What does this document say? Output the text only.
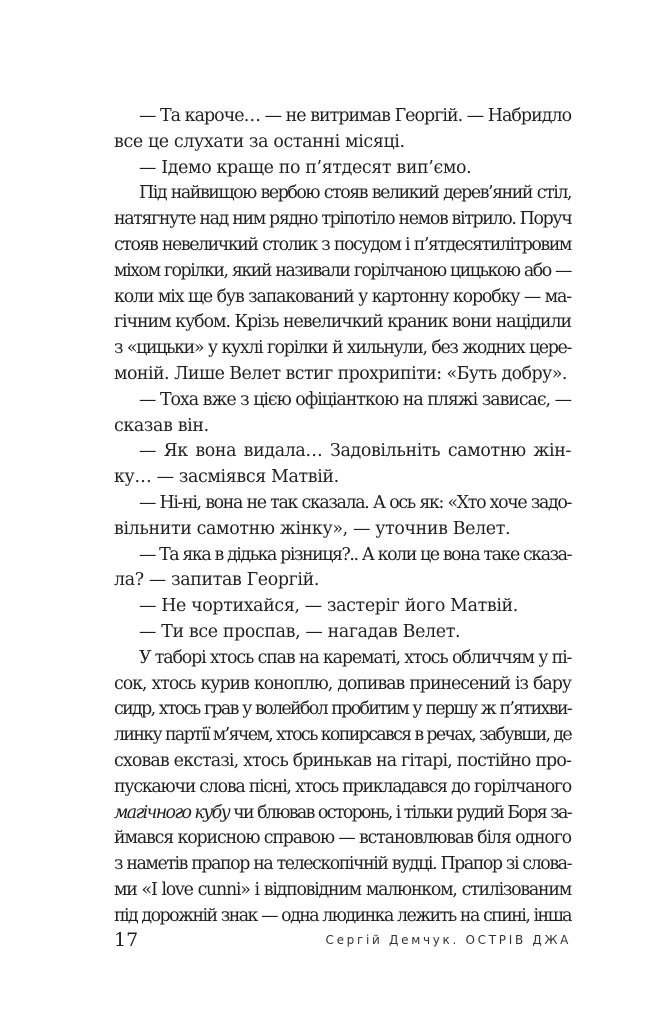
— Та кароче… — не витримав Георгій. — Набридло
все це слухати за останні місяці.
— Ідемо краще по п’ятдесят вип’ємо.
Під найвищою вербою стояв великий дерев’яний стіл,
натягнуте над ним рядно тріпотіло немов вітрило. Поруч
стояв невеличкий столик з посудом і п’ятдесятилітровим
міхом горілки, який називали горілчаною цицькою або —
коли міх ще був запакований у картонну коробку — ма-
гічним кубом. Крізь невеличкий краник вони націдили
з «цицьки» у кухлі горілки й хильнули, без жодних цере-
моній. Лише Велет встиг прохрипіти: «Буть добру».
— Тоха вже з цією офіціанткою на пляжі зависає, —
сказав він.
— Як вона видала… Задовільніть самотню жін-
ку… — засміявся Матвій.
— Ні-ні, вона не так сказала. А ось як: «Хто хоче задо-
вільнити самотню жінку», — уточнив Велет.
— Та яка в дідька різниця?.. А коли це вона таке сказа-
ла? — запитав Георгій.
— Не чортихайся, — застеріг його Матвій.
— Ти все проспав, — нагадав Велет.
У таборі хтось спав на карематі, хтось обличчям у пі-
сок, хтось курив коноплю, допивав принесений із бару
сидр, хтось грав у волейбол пробитим у першу ж п’ятихви-
линку партії м’ячем, хтось копирсався в речах, забувши, де
сховав екстазі, хтось бринькав на гітарі, постійно про-
пускаючи слова пісні, хтось прикладався до горілчаного
магічного кубу чи блював осторонь, і тільки рудий Боря за-
ймався корисною справою — встановлював біля одного
з наметів прапор на телескопічній вудці. Прапор зі слова-
ми «I love cunni» і відповідним малюнком, стилізованим
під дорожній знак — одна людинка лежить на спині, інша
17	Сергій Демчук. ОСТРІВ ДЖА
